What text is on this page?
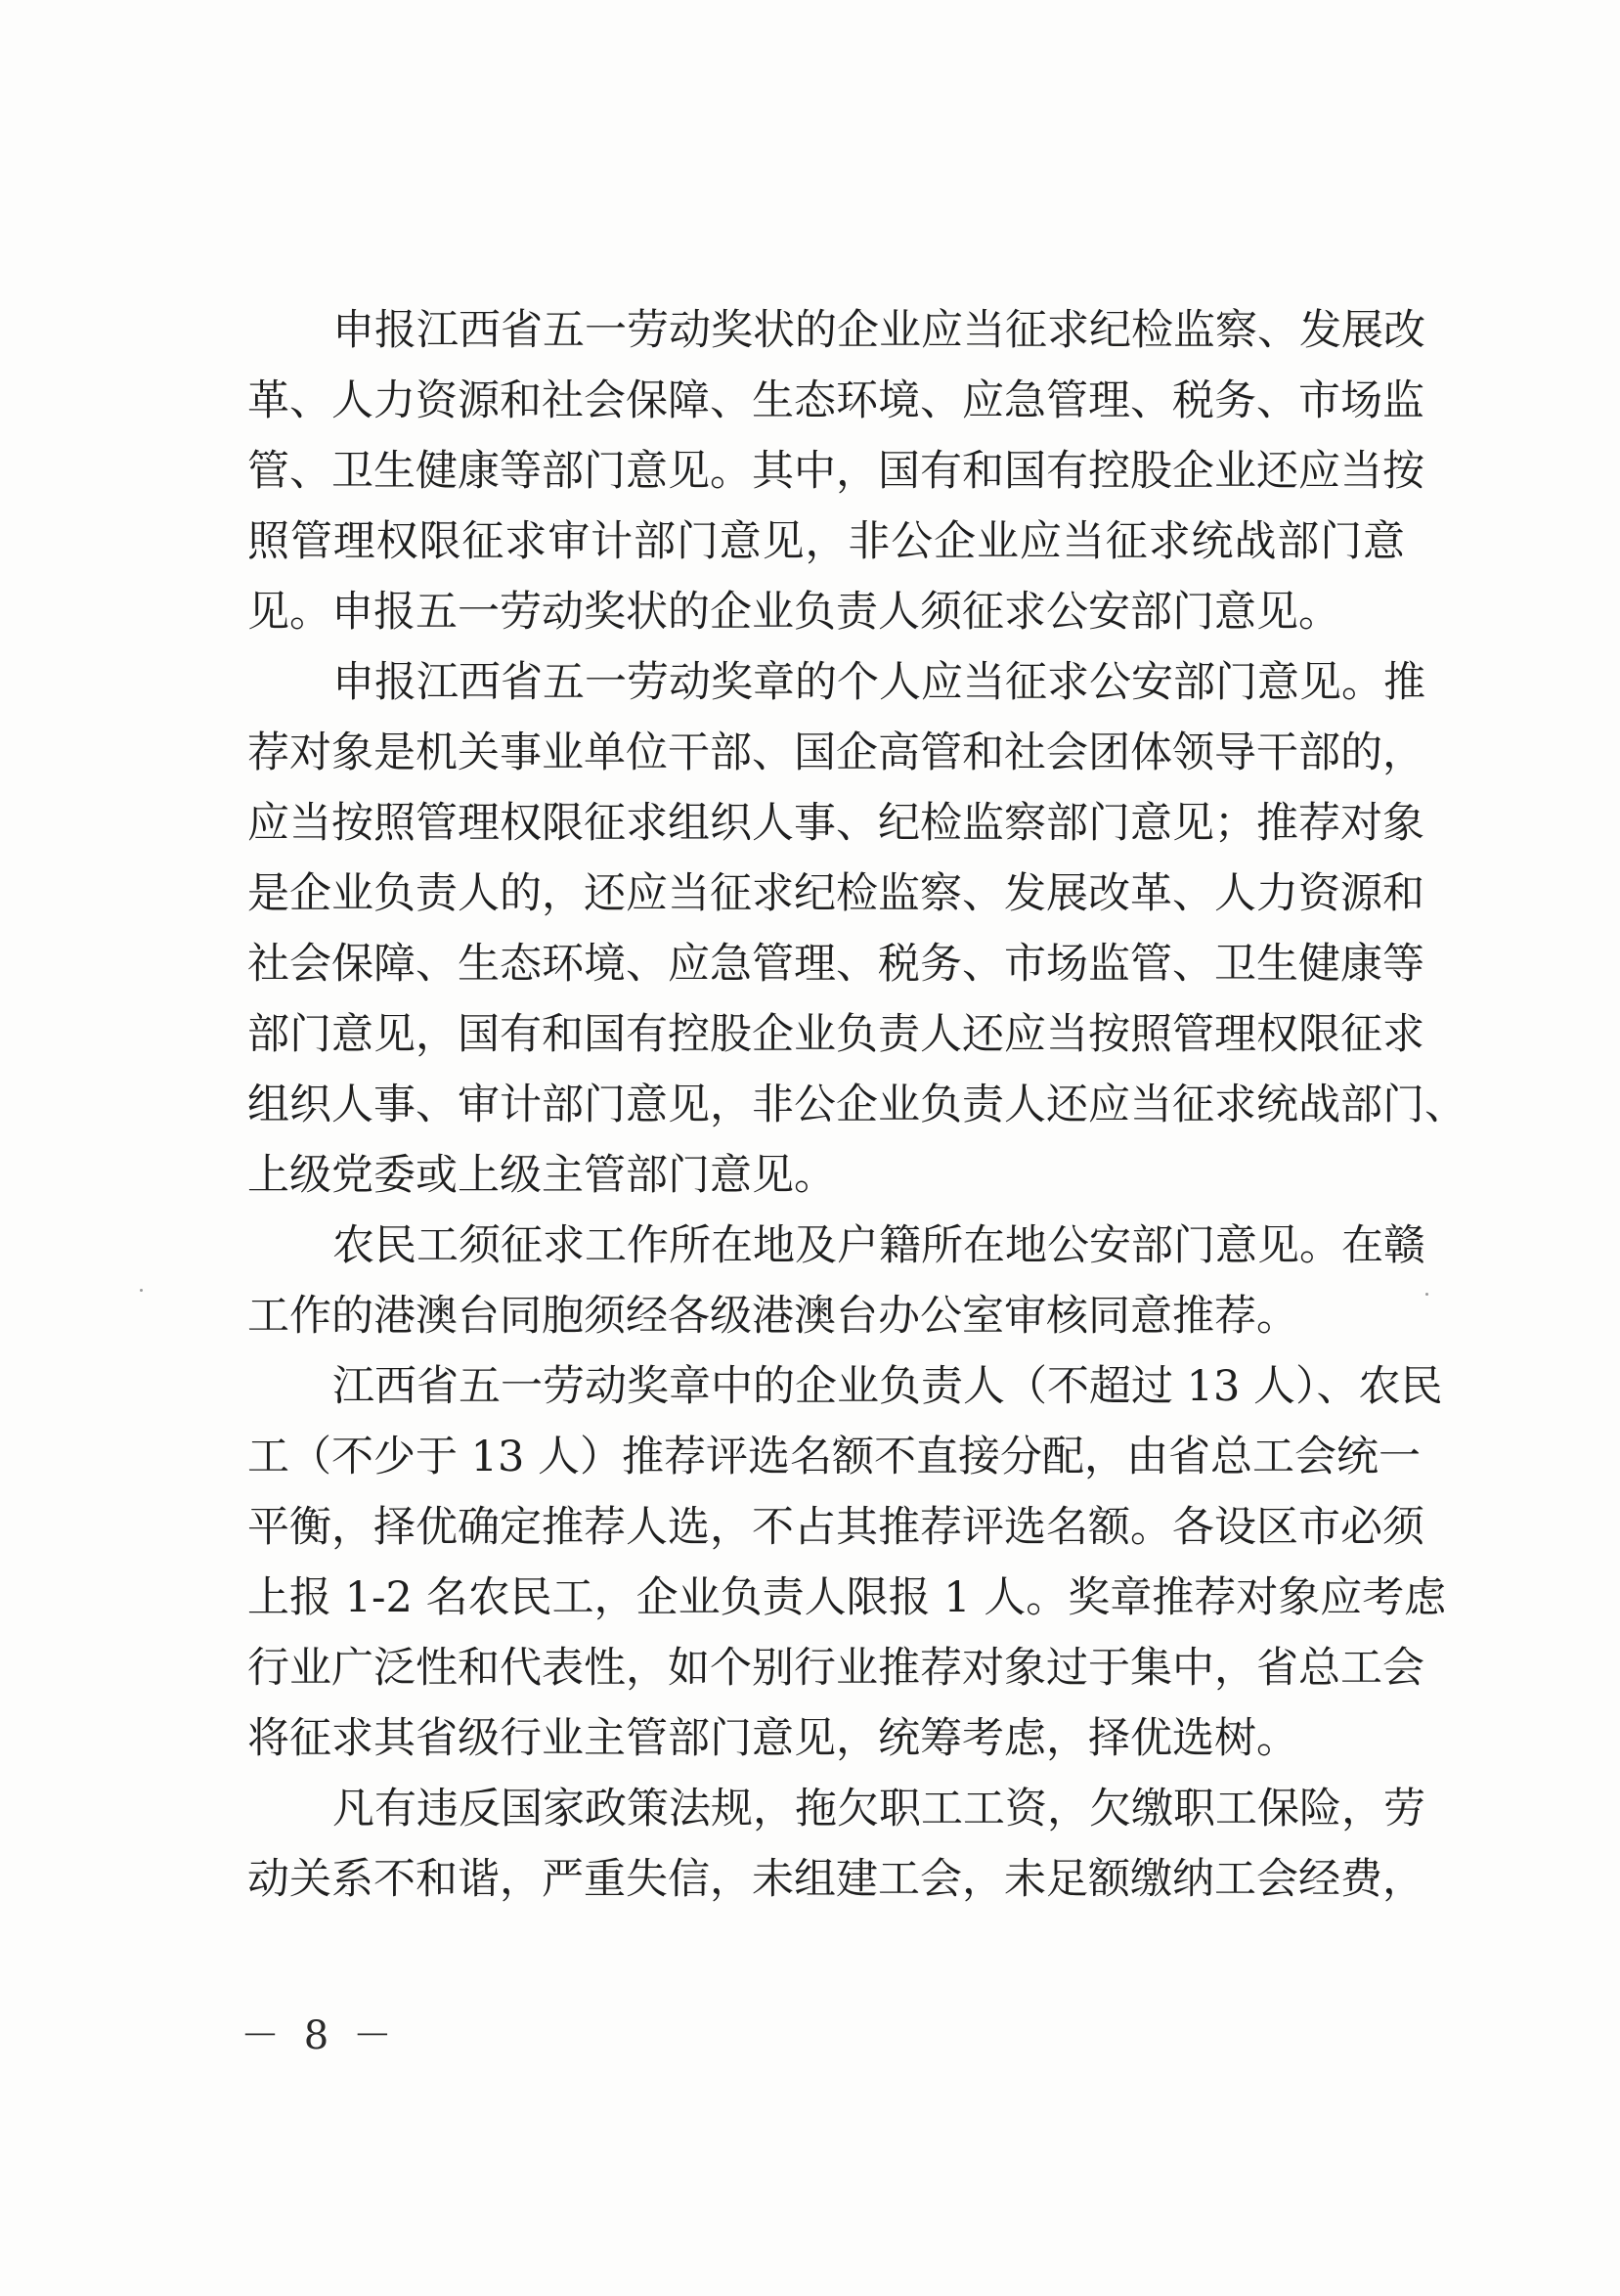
申报江西省五一劳动奖状的企业应当征求纪检监察、发展改
革、人力资源和社会保障、生态环境、应急管理、税务、市场监
管、卫生健康等部门意见。其中，国有和国有控股企业还应当按
照管理权限征求审计部门意见，非公企业应当征求统战部门意
见。申报五一劳动奖状的企业负责人须征求公安部门意见。
申报江西省五一劳动奖章的个人应当征求公安部门意见。推
荐对象是机关事业单位干部、国企高管和社会团体领导干部的，
应当按照管理权限征求组织人事、纪检监察部门意见；推荐对象
是企业负责人的，还应当征求纪检监察、发展改革、人力资源和
社会保障、生态环境、应急管理、税务、市场监管、卫生健康等
部门意见，国有和国有控股企业负责人还应当按照管理权限征求
组织人事、审计部门意见，非公企业负责人还应当征求统战部门、
上级党委或上级主管部门意见。
农民工须征求工作所在地及户籍所在地公安部门意见。在赣
工作的港澳台同胞须经各级港澳台办公室审核同意推荐。
江西省五一劳动奖章中的企业负责人（不超过 13 人）、农民
工（不少于 13 人）推荐评选名额不直接分配，由省总工会统一
平衡，择优确定推荐人选，不占其推荐评选名额。各设区市必须
上报 1-2 名农民工，企业负责人限报 1 人。奖章推荐对象应考虑
行业广泛性和代表性，如个别行业推荐对象过于集中，省总工会
将征求其省级行业主管部门意见，统筹考虑，择优选树。
凡有违反国家政策法规，拖欠职工工资，欠缴职工保险，劳
动关系不和谐，严重失信，未组建工会，未足额缴纳工会经费，
－ 8 －
